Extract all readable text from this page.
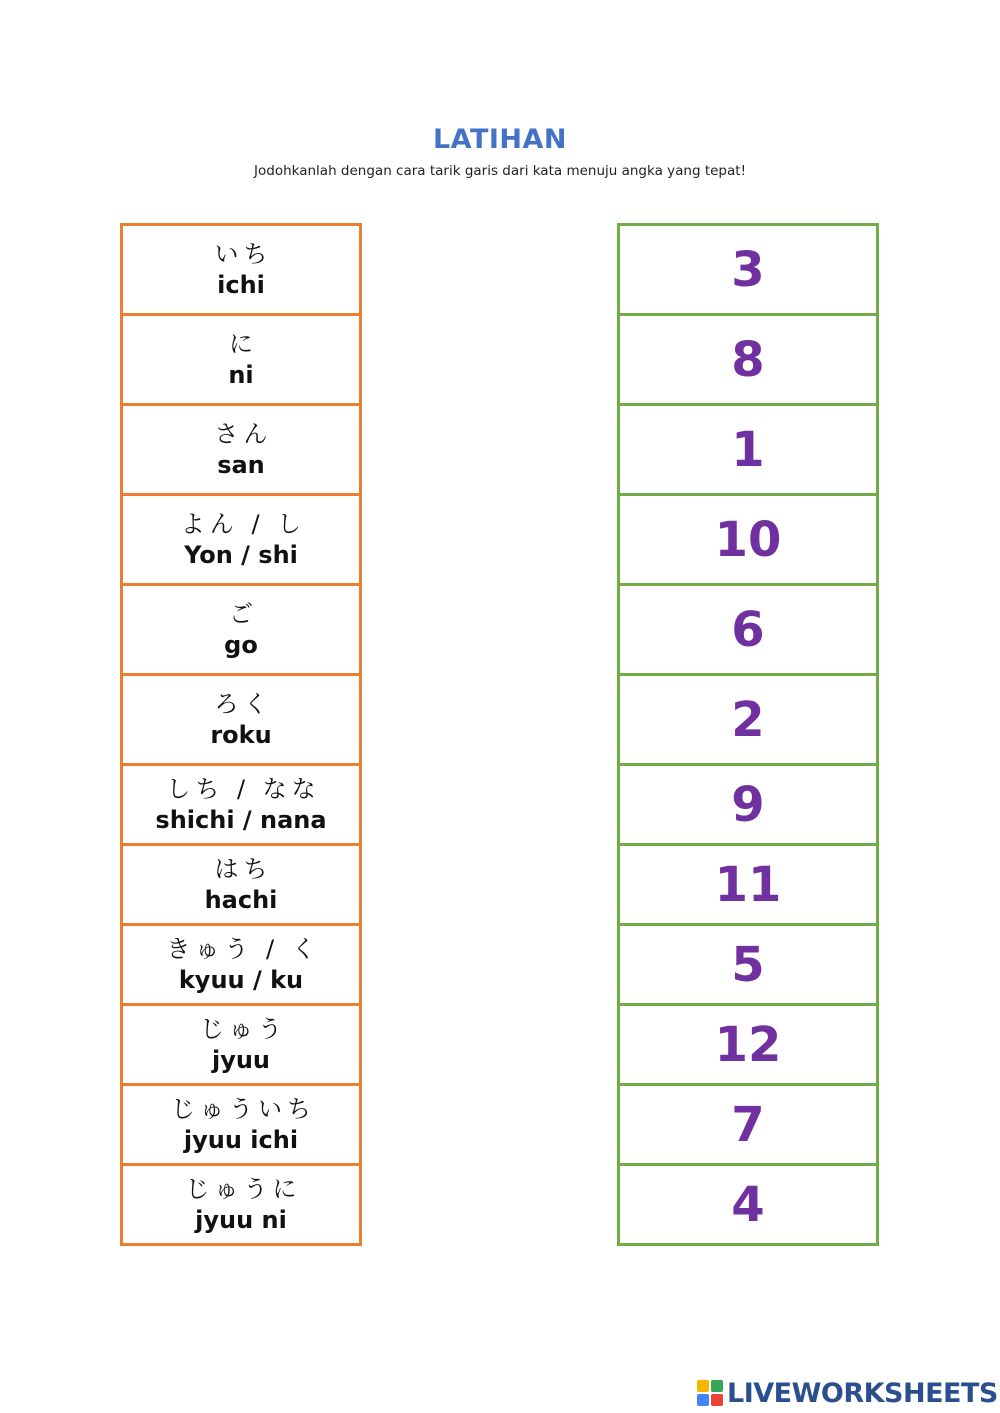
LATIHAN
Jodohkanlah dengan cara tarik garis dari kata menuju angka yang tepat!
いち
ichi
に
ni
さん
san
よん / し
Yon / shi
ご
go
ろく
roku
しち / なな
shichi / nana
はち
hachi
きゅう / く
kyuu / ku
じゅう
jyuu
じゅういち
jyuu ichi
じゅうに
jyuu ni
3
8
1
10
6
2
9
11
5
12
7
4
LIVEWORKSHEETS
